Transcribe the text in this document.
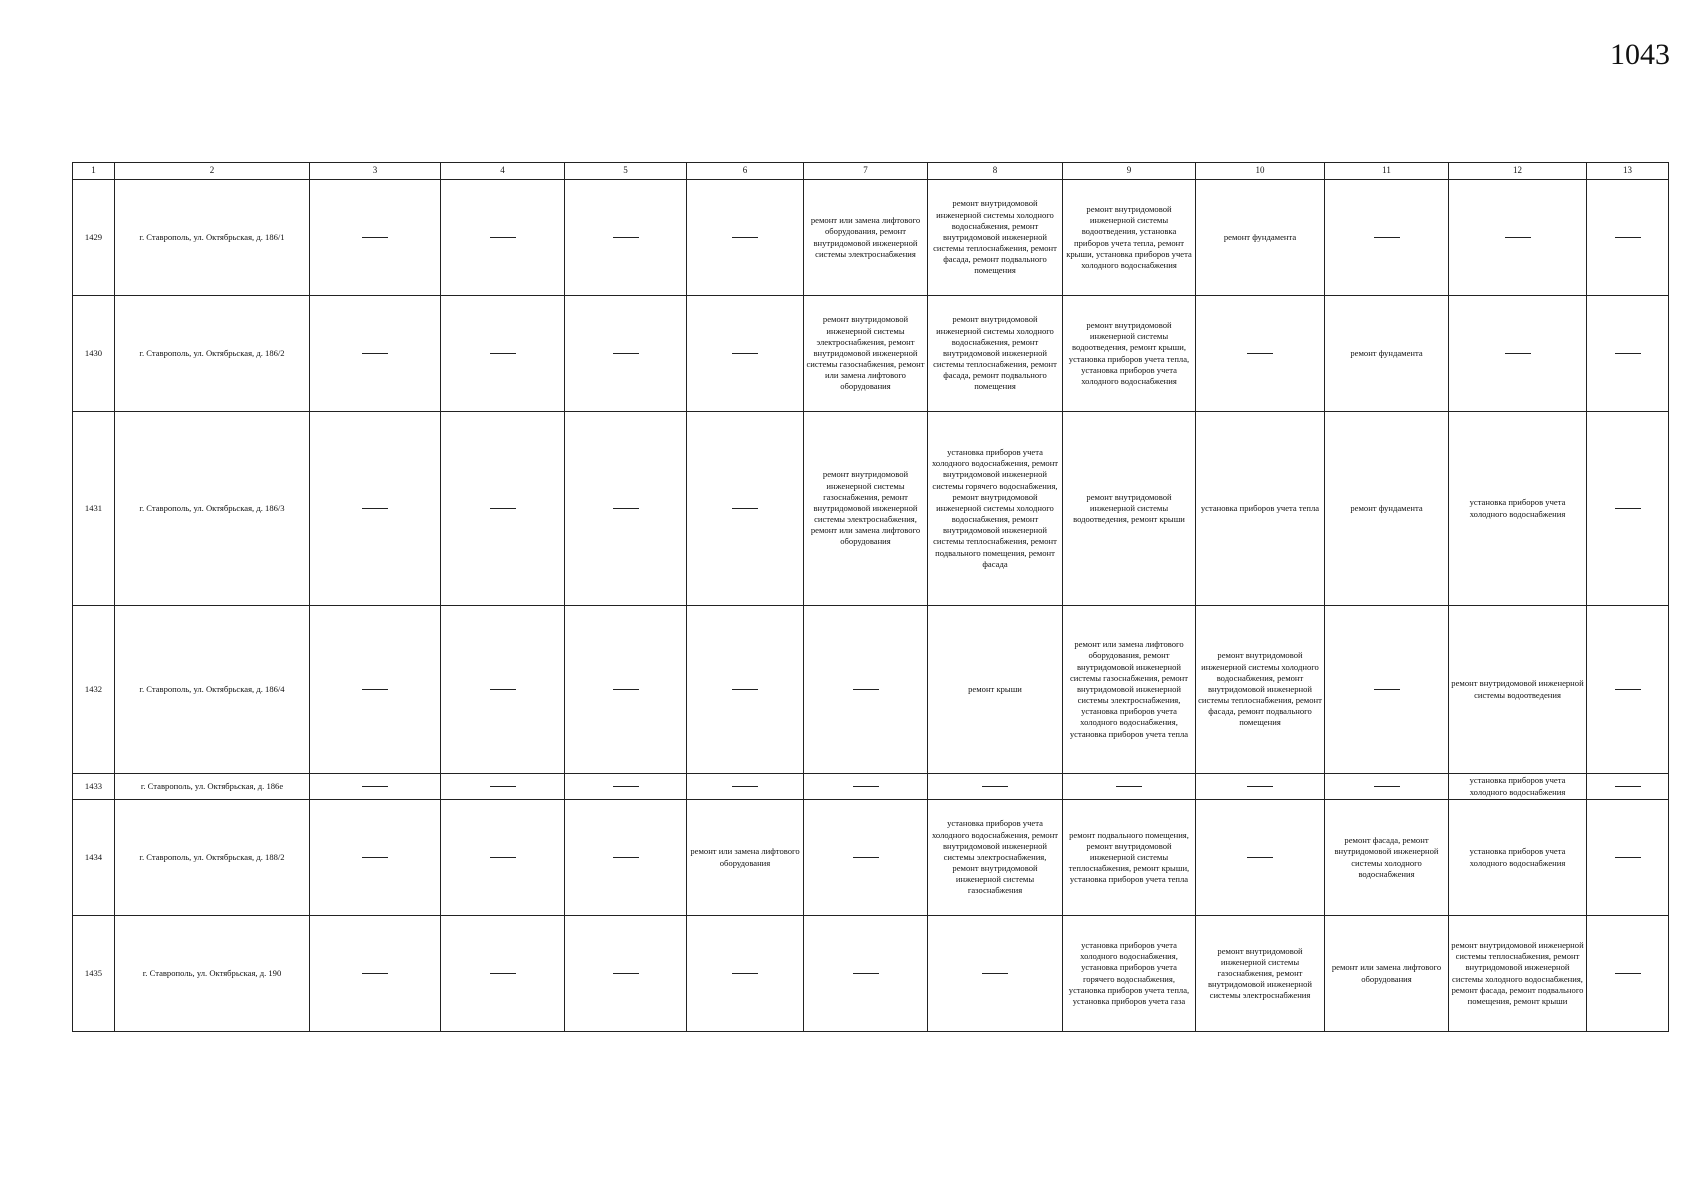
1043
1	2	3	4	5	6	7	8	9	10	11	12	13
1429	г. Ставрополь, ул. Октябрьская, д. 186/1					ремонт или замена лифтового оборудования, ремонт внутридомовой инженерной системы электроснабжения	ремонт внутридомовой инженерной системы холодного водоснабжения, ремонт внутридомовой инженерной системы теплоснабжения, ремонт фасада, ремонт подвального помещения	ремонт внутридомовой инженерной системы водоотведения, установка приборов учета тепла, ремонт крыши, установка приборов учета холодного водоснабжения	ремонт фундамента			
1430	г. Ставрополь, ул. Октябрьская, д. 186/2					ремонт внутридомовой инженерной системы электроснабжения, ремонт внутридомовой инженерной системы газоснабжения, ремонт или замена лифтового оборудования	ремонт внутридомовой инженерной системы холодного водоснабжения, ремонт внутридомовой инженерной системы теплоснабжения, ремонт фасада, ремонт подвального помещения	ремонт внутридомовой инженерной системы водоотведения, ремонт крыши, установка приборов учета тепла, установка приборов учета холодного водоснабжения		ремонт фундамента		
1431	г. Ставрополь, ул. Октябрьская, д. 186/3					ремонт внутридомовой инженерной системы газоснабжения, ремонт внутридомовой инженерной системы электроснабжения, ремонт или замена лифтового оборудования	установка приборов учета холодного водоснабжения, ремонт внутридомовой инженерной системы горячего водоснабжения, ремонт внутридомовой инженерной системы холодного водоснабжения, ремонт внутридомовой инженерной системы теплоснабжения, ремонт подвального помещения, ремонт фасада	ремонт внутридомовой инженерной системы водоотведения, ремонт крыши	установка приборов учета тепла	ремонт фундамента	установка приборов учета холодного водоснабжения	
1432	г. Ставрополь, ул. Октябрьская, д. 186/4						ремонт крыши	ремонт или замена лифтового оборудования, ремонт внутридомовой инженерной системы газоснабжения, ремонт внутридомовой инженерной системы электроснабжения, установка приборов учета холодного водоснабжения, установка приборов учета тепла	ремонт внутридомовой инженерной системы холодного водоснабжения, ремонт внутридомовой инженерной системы теплоснабжения, ремонт фасада, ремонт подвального помещения		ремонт внутридомовой инженерной системы водоотведения	
1433	г. Ставрополь, ул. Октябрьская, д. 186е										установка приборов учета холодного водоснабжения	
1434	г. Ставрополь, ул. Октябрьская, д. 188/2				ремонт или замена лифтового оборудования		установка приборов учета холодного водоснабжения, ремонт внутридомовой инженерной системы электроснабжения, ремонт внутридомовой инженерной системы газоснабжения	ремонт подвального помещения, ремонт внутридомовой инженерной системы теплоснабжения, ремонт крыши, установка приборов учета тепла		ремонт фасада, ремонт внутридомовой инженерной системы холодного водоснабжения	установка приборов учета холодного водоснабжения	
1435	г. Ставрополь, ул. Октябрьская, д. 190							установка приборов учета холодного водоснабжения, установка приборов учета горячего водоснабжения, установка приборов учета тепла, установка приборов учета газа	ремонт внутридомовой инженерной системы газоснабжения, ремонт внутридомовой инженерной системы электроснабжения	ремонт или замена лифтового оборудования	ремонт внутридомовой инженерной системы теплоснабжения, ремонт внутридомовой инженерной системы холодного водоснабжения, ремонт фасада, ремонт подвального помещения, ремонт крыши	
